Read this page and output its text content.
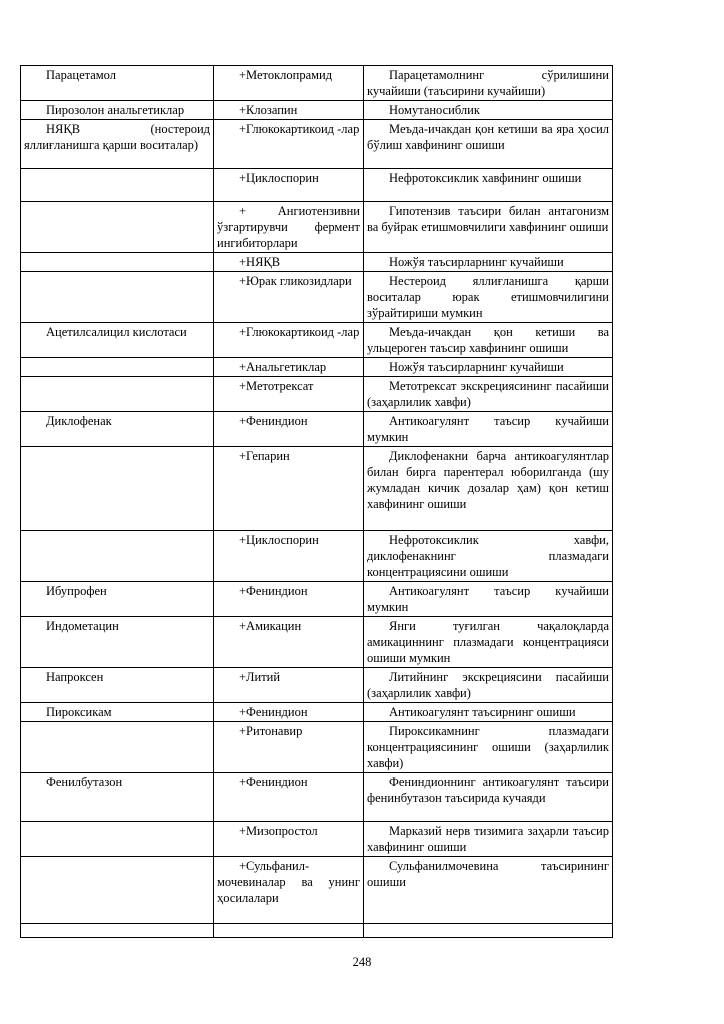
Парацетамол	+Метоклопрамид	Парацетамолнинг сўрилишини кучайиши (таъсирини кучайиши)

Пирозолон анальгетиклар	+Клозапин	Номутаносиблик

НЯҚВ (ностероид яллиғланишга қарши воситалар)	+Глюкокартикоид -лар	Меъда-ичакдан қон кетиши ва яра ҳосил бўлиш хавфининг ошиши

	+Циклоспорин	Нефротоксиклик хавфининг ошиши

	+ Ангиотензивни ўзгартирувчи фермент ингибиторлари	Гипотензив таъсири билан антагонизм ва буйрак етишмовчилиги хавфининг ошиши

	+НЯҚВ	Ножўя таъсирларнинг кучайиши

	+Юрак гликозидлари	Нестероид яллиғланишга қарши воситалар юрак етишмовчилигини зўрайтириши мумкин

Ацетилсалицил кислотаси	+Глюкокартикоид -лар	Меъда-ичакдан қон кетиши ва ульцероген таъсир хавфининг ошиши

	+Анальгетиклар	Ножўя таъсирларнинг кучайиши

	+Метотрексат	Метотрексат экскрециясининг пасайиши (заҳарлилик хавфи)

Диклофенак	+Фениндион	Антикоагулянт таъсир кучайиши мумкин

	+Гепарин	Диклофенакни барча антикоагулянтлар билан бирга парентерал юборилганда (шу жумладан кичик дозалар ҳам) қон кетиш хавфининг ошиши

	+Циклоспорин	Нефротоксиклик хавфи, диклофенакнинг плазмадаги концентрациясини ошиши

Ибупрофен	+Фениндион	Антикоагулянт таъсир кучайиши мумкин

Индометацин	+Амикацин	Янги туғилган чақалоқларда амикациннинг плазмадаги концентрацияси ошиши мумкин

Напроксен	+Литий	Литийнинг экскрециясини пасайиши (заҳарлилик хавфи)

Пироксикам	+Фениндион	Антикоагулянт таъсирнинг ошиши

	+Ритонавир	Пироксикамнинг плазмадаги концентрациясининг ошиши (заҳарлилик хавфи)

Фенилбутазон	+Фениндион	Фениндионнинг антикоагулянт таъсири фенинбутазон таъсирида кучаяди

	+Мизопростол	Марказий нерв тизимига заҳарли таъсир хавфининг ошиши

	+Сульфанил-мочевиналар ва унинг ҳосилалари	Сульфанилмочевина таъсирининг ошиши

248
